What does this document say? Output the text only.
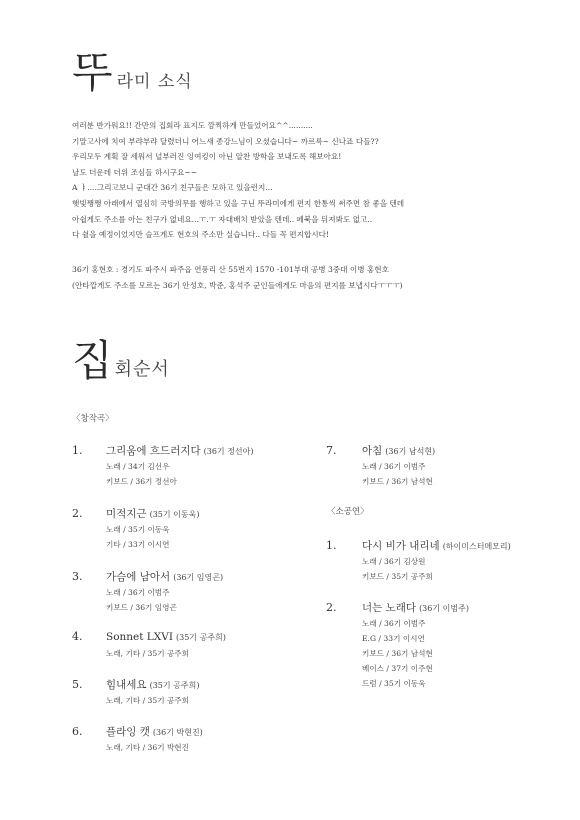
뚜 라미 소식

여러분 반가워요!! 간만의 집회라 표지도 깜찍하게 만들었어요^^..........

기말고사에 치여 부랴부랴 달렸더니 어느새 종강느님이 오셨습니다~ 까르륵~ 신나죠 다들??

우리모두 계획 잘 세워서 널부러진 잉여킹이 아닌 알찬 방학을 보내도록 해보아요!

날도 더운데 더위 조심들 하시구요~~

A ㅑ....그리고보니 군대간 36기 친구들은 모하고 있을런지...

햇빛쨍쨍 아래에서 열심히 국방의무를 행하고 있을 구닌 뚜라미에게 편지 한통씩 써주면 참 좋을 텐데

아쉽게도 주소를 아는 친구가 없네요...ㅜ.ㅜ 자대배치 받았을 텐데.. 페북을 뒤져봐도 없고..

다 쉴을 예정이었지만 슬프게도 현호의 주소만 실습니다.. 다들 꼭 편지합시다!

36기 홍현호 : 경기도 파주시 파주읍 연풍리 산 55번지 1570 -101부대 공병 3중대 이병 홍현호

(안타깝게도 주소를 모르는 36기 안성호, 박준, 홍석주 군인들에게도 마음의 편지를 보냅시다ㅜㅜㅜ)

집 회순서
〈창작곡〉
〈소공연〉
1.	그리움에 흐드러지다 (36기 정선아)
노래 / 34기 김선우
키보드 / 36기 정선아
2.	미적지근 (35기 이동욱)
노래 / 35기 이동욱
기타 / 33기 이시연
3.	가슴에 남아서 (36기 임영곤)
노래 / 36기 이범주
키보드 / 36기 임영곤
4.	Sonnet LXVI (35기 공주희)
노래, 기타 / 35기 공주희
5.	힘내세요 (35기 공주희)
노래, 기타 / 35기 공주희
6.	플라잉 캣 (36기 박현진)
노래, 기타 / 36기 박현진
7.	아침 (36기 남석현)
노래 / 36기 이범주
키보드 / 36기 남석현
1.	다시 비가 내리네 (하이미스터메모리)
노래 / 36기 김상원
키보드 / 35기 공주희
2.	너는 노래다 (36기 이범주)
노래 / 36기 이범주
E.G / 33기 이시연
키보드 / 36기 남석현
베이스 / 37기 이주현
드럼 / 35기 이동욱
